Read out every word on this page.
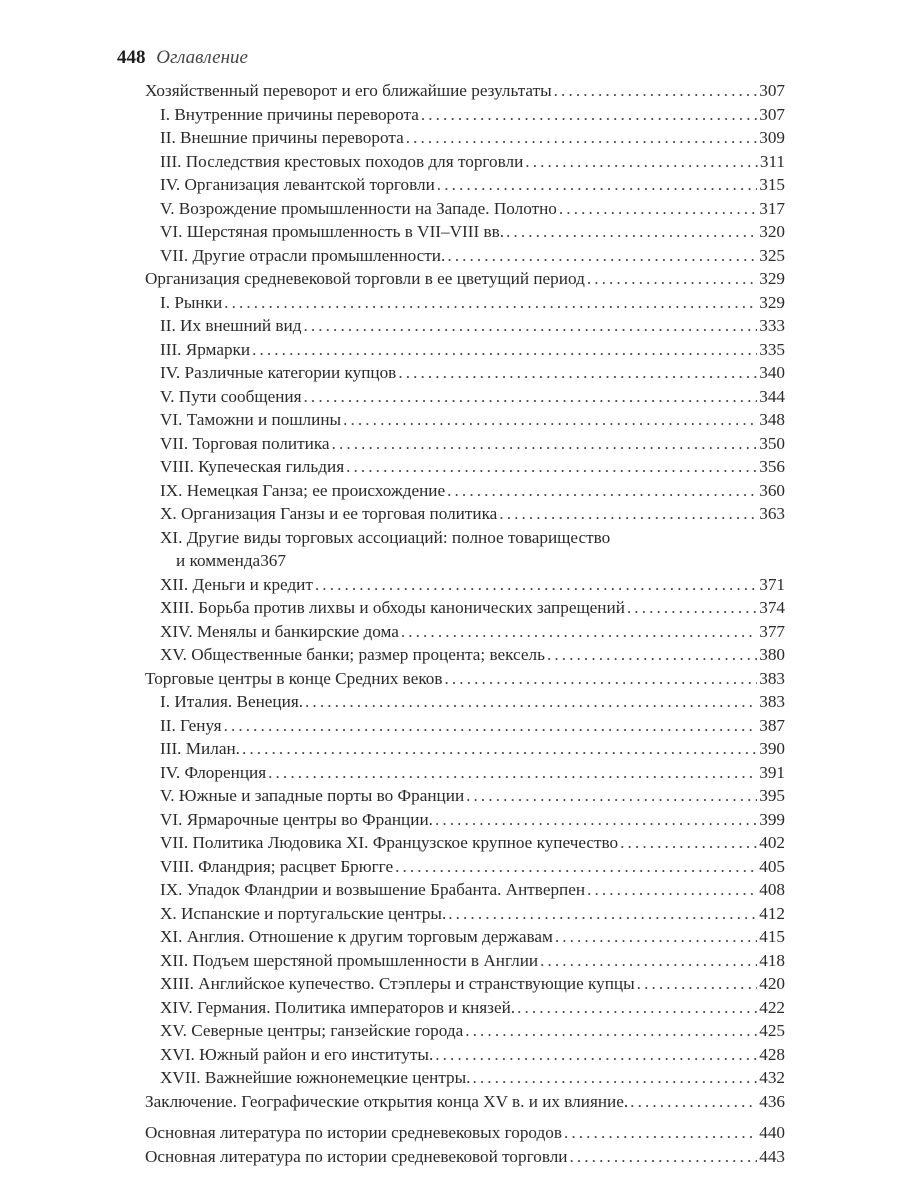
448 Оглавление
Хозяйственный переворот и его ближайшие результаты . . .	307
I. Внутренние причины переворота . . .	307
II. Внешние причины переворота . . .	309
III. Последствия крестовых походов для торговли . . .	311
IV. Организация левантской торговли . . .	315
V. Возрождение промышленности на Западе. Полотно . . .	317
VI. Шерстяная промышленность в VII–VIII вв. . . .	320
VII. Другие отрасли промышленности. . . .	325
Организация средневековой торговли в ее цветущий период . . .	329
I. Рынки . . .	329
II. Их внешний вид . . .	333
III. Ярмарки . . .	335
IV. Различные категории купцов . . .	340
V. Пути сообщения . . .	344
VI. Таможни и пошлины . . .	348
VII. Торговая политика . . .	350
VIII. Купеческая гильдия . . .	356
IX. Немецкая Ганза; ее происхождение . . .	360
X. Организация Ганзы и ее торговая политика . . .	363
XI. Другие виды торговых ассоциаций: полное товарищество
и коммендa 367
XII. Деньги и кредит . . .	371
XIII. Борьба против лихвы и обходы канонических запрещений . . .	374
XIV. Менялы и банкирские дома . . .	377
XV. Общественные банки; размер процента; вексель . . .	380
Торговые центры в конце Средних веков . . .	383
I. Италия. Венеция. . . .	383
II. Генуя . . .	387
III. Милан. . . .	390
IV. Флоренция . . .	391
V. Южные и западные порты во Франции . . .	395
VI. Ярмарочные центры во Франции. . . .	399
VII. Политика Людовика XI. Французское крупное купечество . . .	402
VIII. Фландрия; расцвет Брюгге . . .	405
IX. Упадок Фландрии и возвышение Брабанта. Антверпен . . .	408
X. Испанские и португальские центры. . . .	412
XI. Англия. Отношение к другим торговым державам . . .	415
XII. Подъем шерстяной промышленности в Англии . . .	418
XIII. Английское купечество. Стэплеры и странствующие купцы . . .	420
XIV. Германия. Политика императоров и князей. . . .	422
XV. Северные центры; ганзейские города . . .	425
XVI. Южный район и его институты. . . .	428
XVII. Важнейшие южнонемецкие центры. . . .	432
Заключение. Географические открытия конца XV в. и их влияние. . . .	436
Основная литература по истории средневековых городов . . .	440
Основная литература по истории средневековой торговли . . .	443
